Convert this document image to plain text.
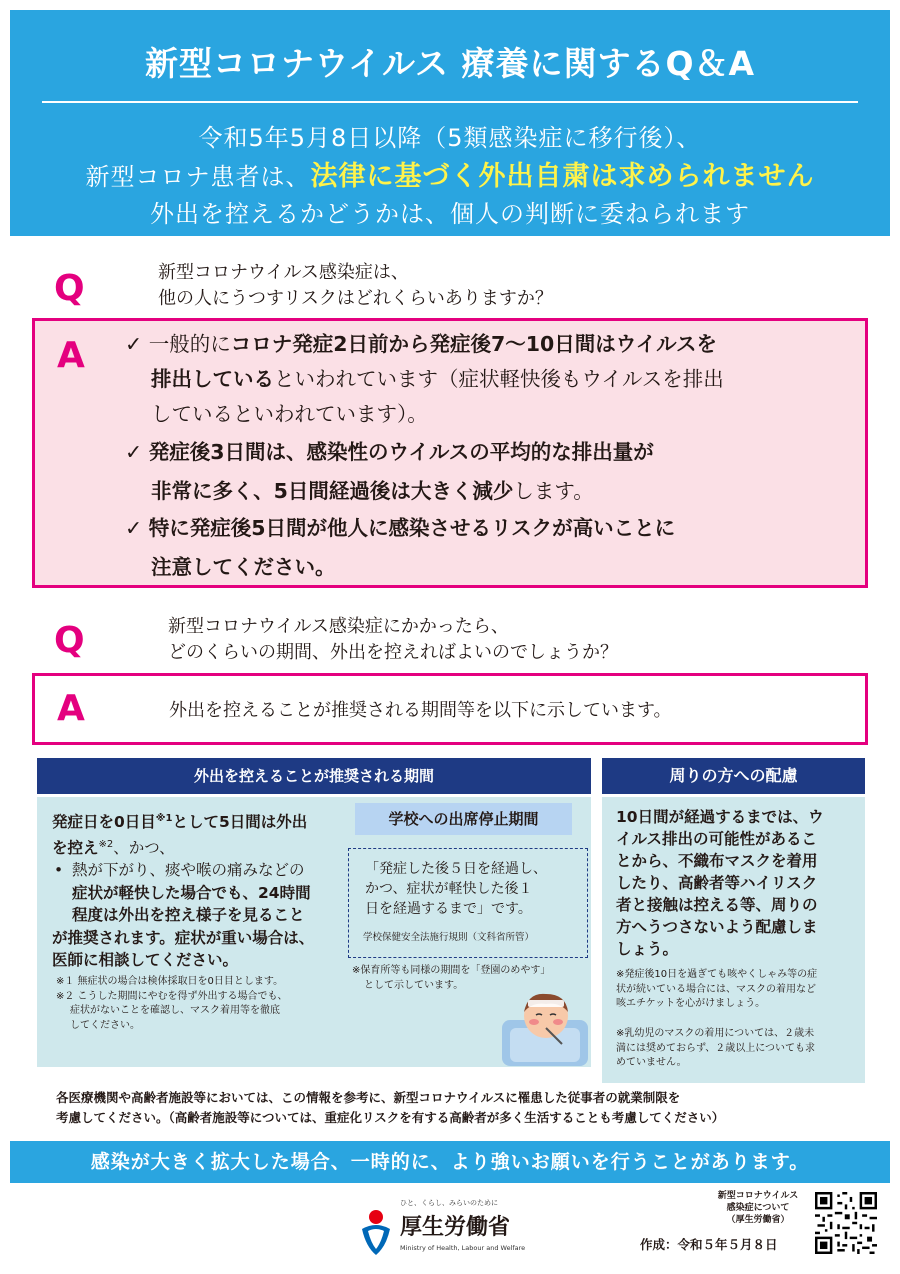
新型コロナウイルス 療養に関するQ＆A
令和5年5月8日以降（5類感染症に移行後）、
新型コロナ患者は、法律に基づく外出自粛は求められません
外出を控えるかどうかは、個人の判断に委ねられます
Q	新型コロナウイルス感染症は、
他の人にうつすリスクはどれくらいありますか？
A ✓ 一般的にコロナ発症2日前から発症後7～10日間はウイルスを
排出しているといわれています（症状軽快後もウイルスを排出
しているといわれています）。
✓ 発症後3日間は、感染性のウイルスの平均的な排出量が
非常に多く、5日間経過後は大きく減少します。
✓ 特に発症後5日間が他人に感染させるリスクが高いことに
注意してください。
Q	新型コロナウイルス感染症にかかったら、
どのくらいの期間、外出を控えればよいのでしょうか？
A	外出を控えることが推奨される期間等を以下に示しています。
外出を控えることが推奨される期間
発症日を0日目$^{※1}$として5日間は外出
を控え$^{※2}$、かつ、
• 熱が下がり、痰や喉の痛みなどの
症状が軽快した場合でも、24時間
程度は外出を控え様子を見ること
が推奨されます。症状が重い場合は、
医師に相談してください。
※１ 無症状の場合は検体採取日を0日目とします。
※２ こうした期間にやむを得ず外出する場合でも、
症状がないことを確認し、マスク着用等を徹底
してください。
学校への出席停止期間
「発症した後５日を経過し、
かつ、症状が軽快した後１
日を経過するまで」です。
学校保健安全法施行規則（文科省所管）
※保育所等も同様の期間を「登園のめやす」
として示しています。
周りの方への配慮
10日間が経過するまでは、ウ
イルス排出の可能性があるこ
とから、不織布マスクを着用
したり、高齢者等ハイリスク
者と接触は控える等、周りの
方へうつさないよう配慮しま
しょう。
※発症後10日を過ぎても咳やくしゃみ等の症
状が続いている場合には、マスクの着用など
咳エチケットを心がけましょう。
※乳幼児のマスクの着用については、２歳未
満には奨めておらず、２歳以上についても求
めていません。
各医療機関や高齢者施設等においては、この情報を参考に、新型コロナウイルスに罹患した従事者の就業制限を
考慮してください。（高齢者施設等については、重症化リスクを有する高齢者が多く生活することも考慮してください）
感染が大きく拡大した場合、一時的に、より強いお願いを行うことがあります。
ひと、くらし、みらいのために
厚生労働省
Ministry of Health, Labour and Welfare
新型コロナウイルス
感染症について
（厚生労働省）
作成：令和５年５月８日
